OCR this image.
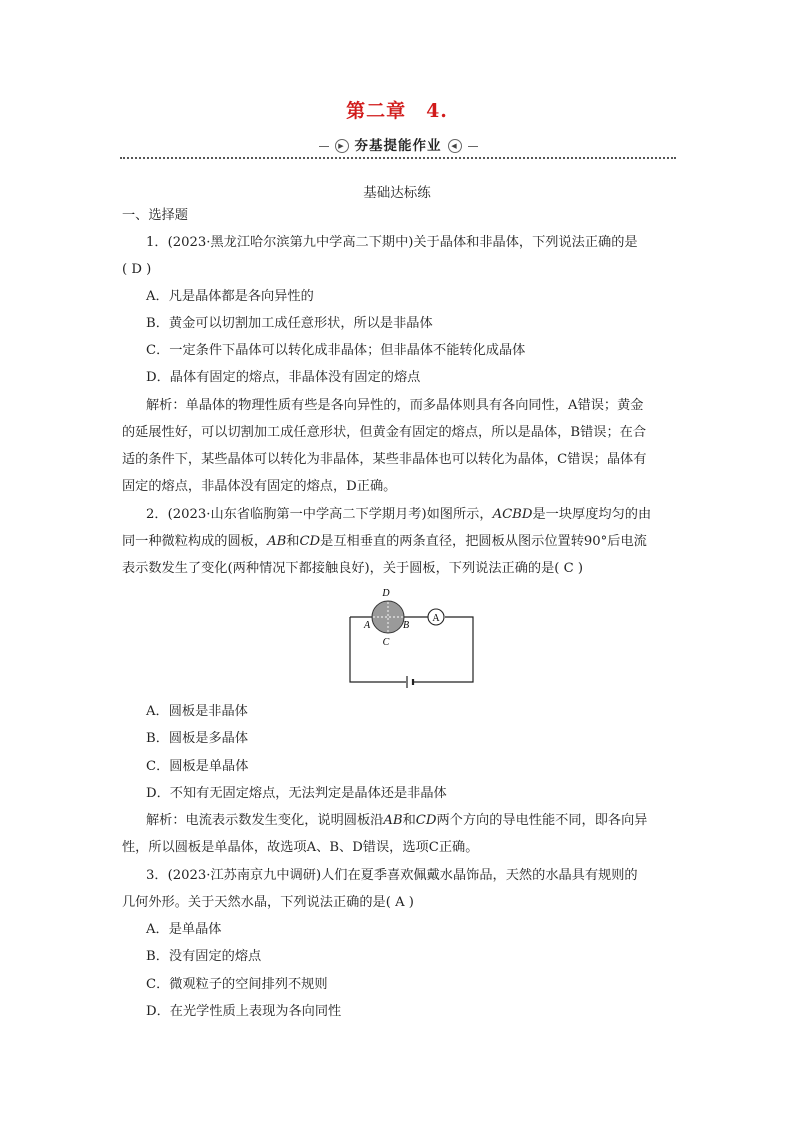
第二章　4.
▶ 夯基提能作业 ◀
基础达标练
一、选择题
1．(2023·黑龙江哈尔滨第九中学高二下期中)关于晶体和非晶体，下列说法正确的是
( D )
A．凡是晶体都是各向异性的
B．黄金可以切割加工成任意形状，所以是非晶体
C．一定条件下晶体可以转化成非晶体；但非晶体不能转化成晶体
D．晶体有固定的熔点，非晶体没有固定的熔点
解析：单晶体的物理性质有些是各向异性的，而多晶体则具有各向同性，A错误；黄金
的延展性好，可以切割加工成任意形状，但黄金有固定的熔点，所以是晶体，B错误；在合
适的条件下，某些晶体可以转化为非晶体，某些非晶体也可以转化为晶体，C错误；晶体有
固定的熔点，非晶体没有固定的熔点，D正确。
2．(2023·山东省临朐第一中学高二下学期月考)如图所示，ACBD是一块厚度均匀的由
同一种微粒构成的圆板，AB和CD是互相垂直的两条直径，把圆板从图示位置转90°后电流
表示数发生了变化(两种情况下都接触良好)，关于圆板，下列说法正确的是( C )
A
D
A	B
C
A．圆板是非晶体
B．圆板是多晶体
C．圆板是单晶体
D．不知有无固定熔点，无法判定是晶体还是非晶体
解析：电流表示数发生变化，说明圆板沿AB和CD两个方向的导电性能不同，即各向异
性，所以圆板是单晶体，故选项A、B、D错误，选项C正确。
3．(2023·江苏南京九中调研)人们在夏季喜欢佩戴水晶饰品，天然的水晶具有规则的
几何外形。关于天然水晶，下列说法正确的是( A )
A．是单晶体
B．没有固定的熔点
C．微观粒子的空间排列不规则
D．在光学性质上表现为各向同性
